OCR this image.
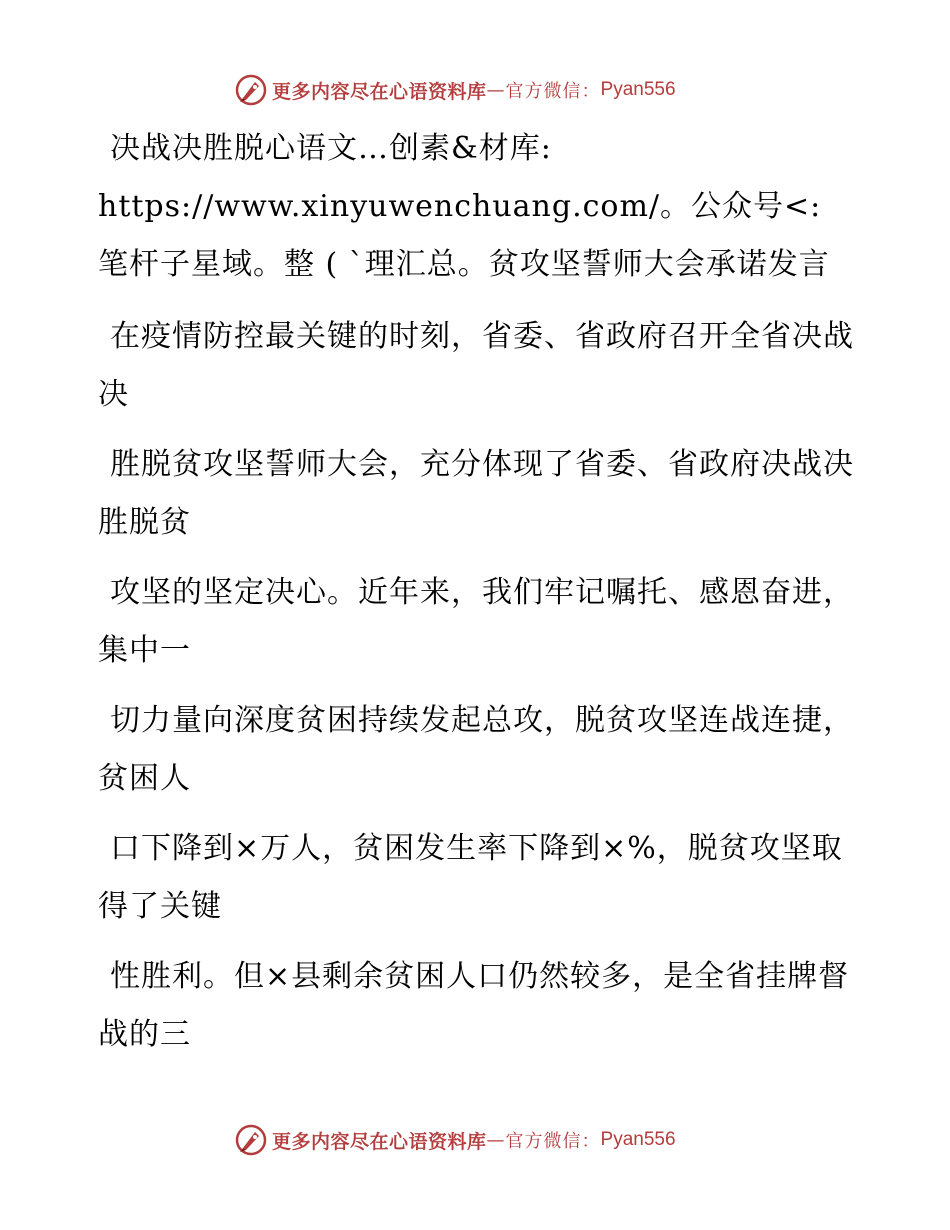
更多内容尽在心语资料库 — 官方微信： Pyan556

决战决胜脱心语文…创素&材库: https://www.xinyuwenchuang.com/。公众号<: 笔杆子星域。整 ( `理汇总。贫攻坚誓师大会承诺发言

在疫情防控最关键的时刻，省委、省政府召开全省决战决

胜脱贫攻坚誓师大会，充分体现了省委、省政府决战决胜脱贫

攻坚的坚定决心。近年来，我们牢记嘱托、感恩奋进，集中一

切力量向深度贫困持续发起总攻，脱贫攻坚连战连捷，贫困人

口下降到×万人，贫困发生率下降到×%，脱贫攻坚取得了关键

性胜利。但×县剩余贫困人口仍然较多，是全省挂牌督战的三

更多内容尽在心语资料库 — 官方微信： Pyan556
